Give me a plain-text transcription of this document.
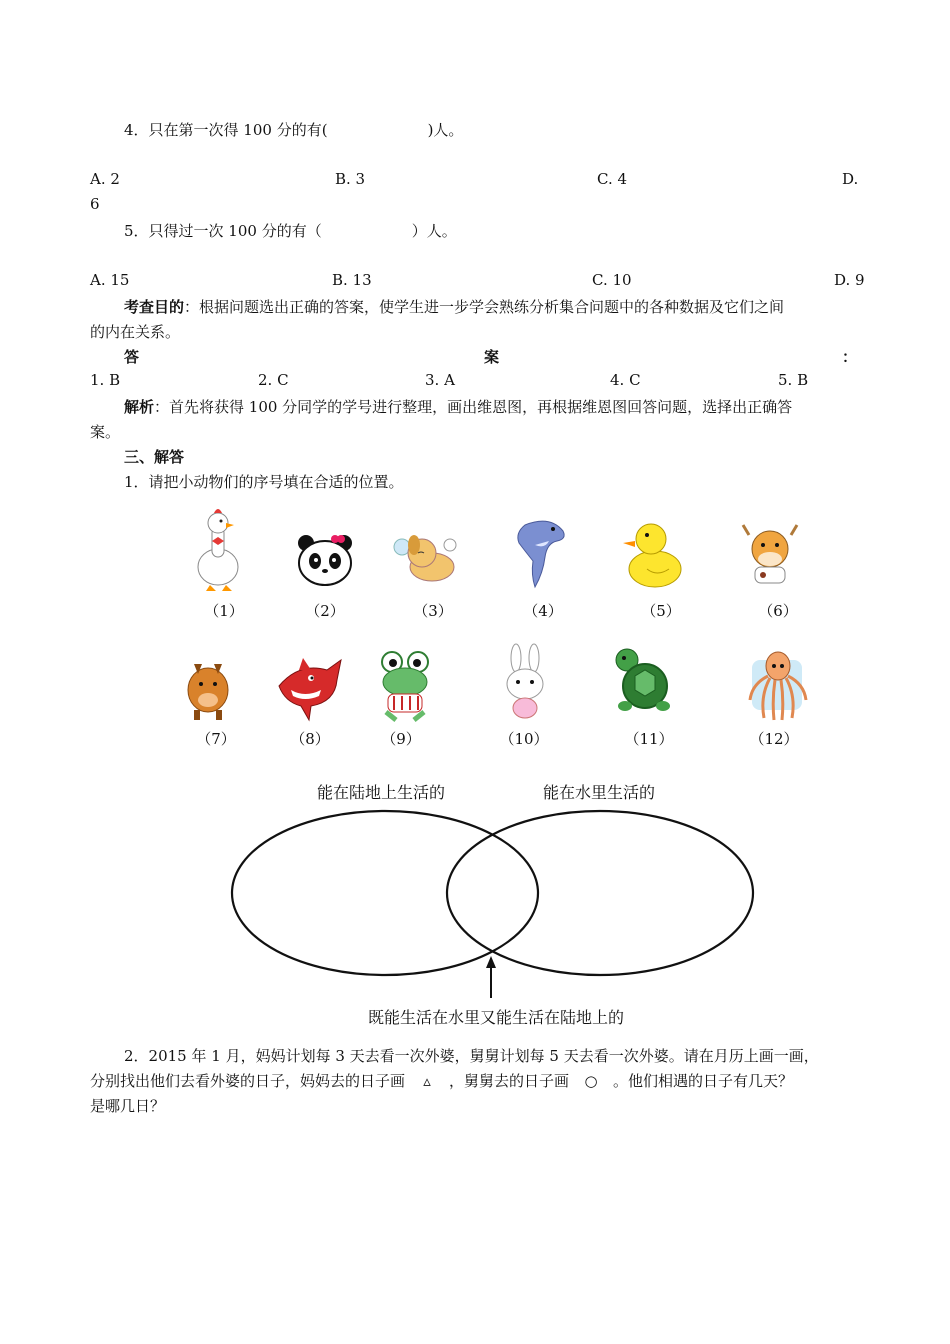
4．只在第一次得 100 分的有(	)人。
A. 2	B. 3	C. 4	D.
6
5．只得过一次 100 分的有（	）人。
A. 15	B. 13	C. 10	D. 9
考查目的：根据问题选出正确的答案，使学生进一步学会熟练分析集合问题中的各种数据及它们之间
的内在关系。
答	案	：
1. B	2. C	3. A	4. C	5. B
解析：首先将获得 100 分同学的学号进行整理，画出维恩图，再根据维恩图回答问题，选择出正确答
案。
三、解答
1．请把小动物们的序号填在合适的位置。
（1）	（2）	（3）	（4）	（5）	（6）
（7）	（8）	（9）	（10）	（11）	（12）
能在陆地上生活的	能在水里生活的
既能生活在水里又能生活在陆地上的
2．2015 年 1 月，妈妈计划每 3 天去看一次外婆，舅舅计划每 5 天去看一次外婆。请在月历上画一画，
分别找出他们去看外婆的日子，妈妈去的日子画 ▵ ，舅舅去的日子画 ○ 。他们相遇的日子有几天？
是哪几日？
